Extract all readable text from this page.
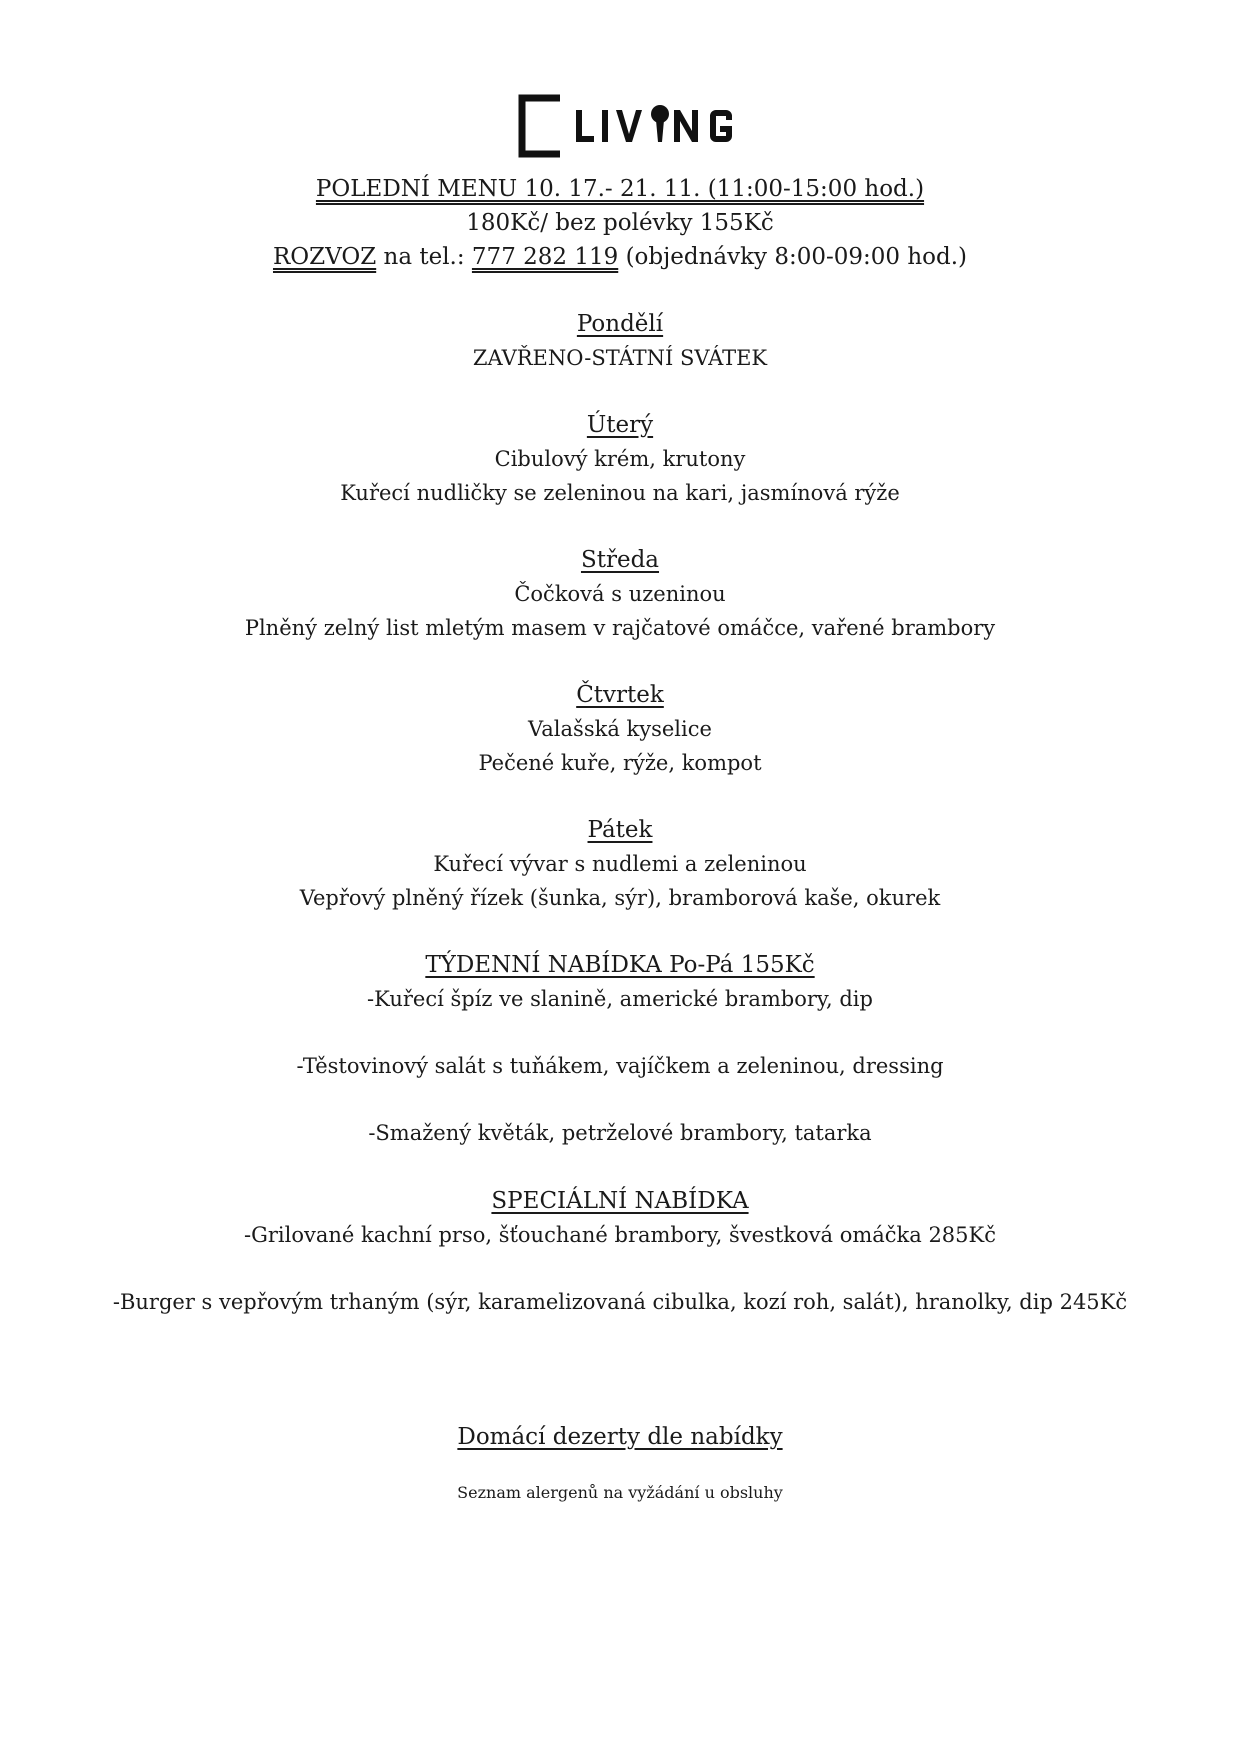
POLEDNÍ MENU 10. 17.- 21. 11. (11:00-15:00 hod.)
180Kč/ bez polévky 155Kč
ROZVOZ na tel.: 777 282 119 (objednávky 8:00-09:00 hod.)
Pondělí
ZAVŘENO-STÁTNÍ SVÁTEK
Úterý
Cibulový krém, krutony
Kuřecí nudličky se zeleninou na kari, jasmínová rýže
Středa
Čočková s uzeninou
Plněný zelný list mletým masem v rajčatové omáčce, vařené brambory
Čtvrtek
Valašská kyselice
Pečené kuře, rýže, kompot
Pátek
Kuřecí vývar s nudlemi a zeleninou
Vepřový plněný řízek (šunka, sýr), bramborová kaše, okurek
TÝDENNÍ NABÍDKA Po-Pá 155Kč
-Kuřecí špíz ve slanině, americké brambory, dip
-Těstovinový salát s tuňákem, vajíčkem a zeleninou, dressing
-Smažený květák, petrželové brambory, tatarka
SPECIÁLNÍ NABÍDKA
-Grilované kachní prso, šťouchané brambory, švestková omáčka 285Kč
-Burger s vepřovým trhaným (sýr, karamelizovaná cibulka, kozí roh, salát), hranolky, dip 245Kč
Domácí dezerty dle nabídky
Seznam alergenů na vyžádání u obsluhy
